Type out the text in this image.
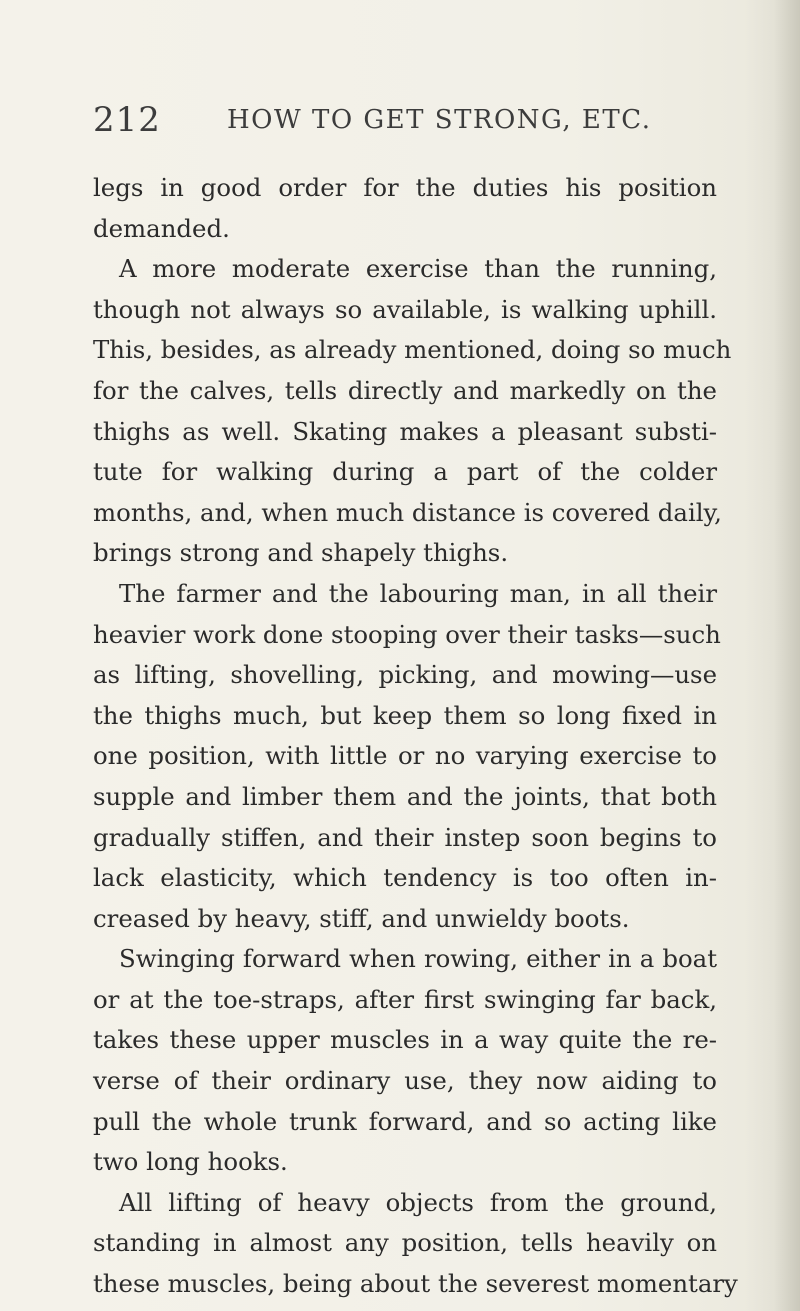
212	HOW TO GET STRONG, ETC.
legs in good order for the duties his position
demanded.
A more moderate exercise than the running,
though not always so available, is walking uphill.
This, besides, as already mentioned, doing so much
for the calves, tells directly and markedly on the
thighs as well. Skating makes a pleasant substi-
tute for walking during a part of the colder
months, and, when much distance is covered daily,
brings strong and shapely thighs.
The farmer and the labouring man, in all their
heavier work done stooping over their tasks—such
as lifting, shovelling, picking, and mowing—use
the thighs much, but keep them so long fixed in
one position, with little or no varying exercise to
supple and limber them and the joints, that both
gradually stiffen, and their instep soon begins to
lack elasticity, which tendency is too often in-
creased by heavy, stiff, and unwieldy boots.
Swinging forward when rowing, either in a boat
or at the toe-straps, after first swinging far back,
takes these upper muscles in a way quite the re-
verse of their ordinary use, they now aiding to
pull the whole trunk forward, and so acting like
two long hooks.
All lifting of heavy objects from the ground,
standing in almost any position, tells heavily on
these muscles, being about the severest momentary
